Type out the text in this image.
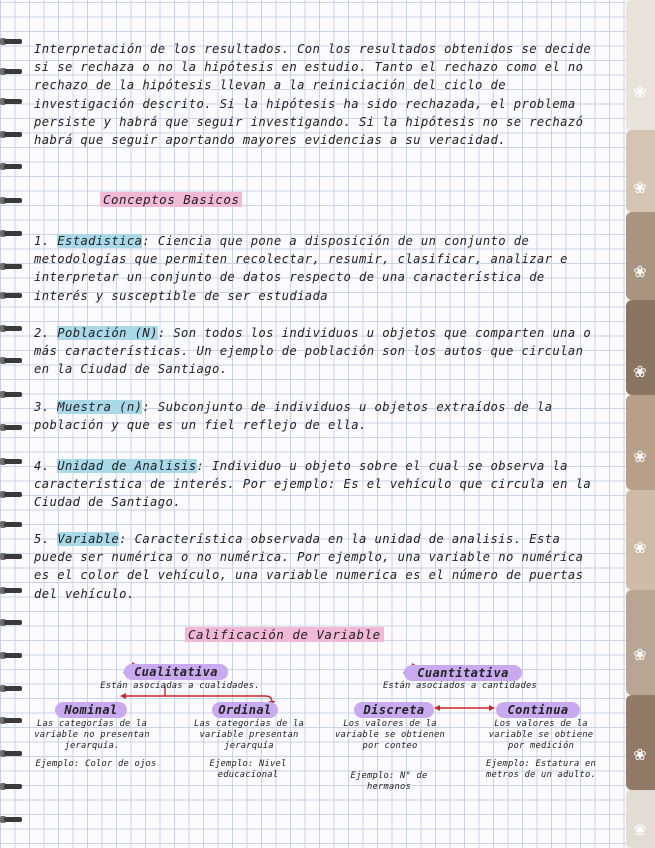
Interpretación de los resultados. Con los resultados obtenidos se decide si se rechaza o no la hipótesis en estudio. Tanto el rechazo como el no rechazo de la hipótesis llevan a la reiniciación del ciclo de investigación descrito. Si la hipótesis ha sido rechazada, el problema persiste y habrá que seguir investigando. Si la hipótesis no se rechazó habrá que seguir aportando mayores evidencias a su veracidad.
Conceptos Basicos
1. Estadistica: Ciencia que pone a disposición de un conjunto de metodologías que permiten recolectar, resumir, clasificar, analizar e interpretar un conjunto de datos respecto de una característica de interés y susceptible de ser estudiada
2. Población (N): Son todos los individuos u objetos que comparten una o más características. Un ejemplo de población son los autos que circulan en la Ciudad de Santiago.
3. Muestra (n): Subconjunto de individuos u objetos extraídos de la población y que es un fiel reflejo de ella.
4. Unidad de Analisis: Individuo u objeto sobre el cual se observa la característica de interés. Por ejemplo: Es el vehículo que circula en la Ciudad de Santiago.
5. Variable: Característica observada en la unidad de analisis. Esta puede ser numérica o no numérica. Por ejemplo, una variable no numérica es el color del vehículo, una variable numerica es el número de puertas del vehículo.
Calificación de Variable
Cualitativa
Están asociadas a cualidades.
Nominal
Las categorías de la variable no presentan jerarquía.
Ejemplo: Color de ojos
Ordinal
Las categorías de la variable presentan jerarquía
Ejemplo: Nivel educacional
Cuantitativa
Están asociados a cantidades
Discreta
Los valores de la variable se obtienen por conteo
Ejemplo: N° de hermanos
Continua
Los valores de la variable se obtiene por medición
Ejemplo: Estatura en metros de un adulto.
❀
❀
❀
❀
❀
❀
❀
❀
❀
